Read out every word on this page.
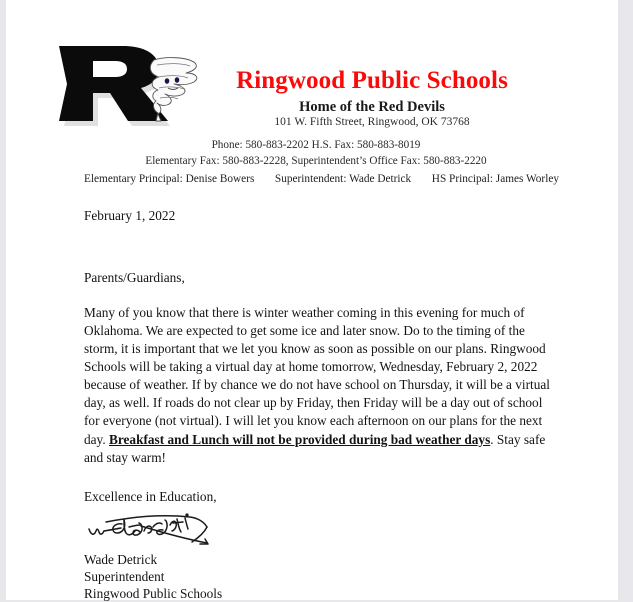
Ringwood Public Schools
Home of the Red Devils
101 W. Fifth Street, Ringwood, OK 73768
Phone: 580-883-2202 H.S. Fax: 580-883-8019
Elementary Fax: 580-883-2228, Superintendent’s Office Fax: 580-883-2220
Elementary Principal: Denise Bowers Superintendent: Wade Detrick HS Principal: James Worley

February 1, 2022

Parents/Guardians,

Many of you know that there is winter weather coming in this evening for much of Oklahoma. We are expected to get some ice and later snow. Do to the timing of the storm, it is important that we let you know as soon as possible on our plans. Ringwood Schools will be taking a virtual day at home tomorrow, Wednesday, February 2, 2022 because of weather. If by chance we do not have school on Thursday, it will be a virtual day, as well. If roads do not clear up by Friday, then Friday will be a day out of school for everyone (not virtual). I will let you know each afternoon on our plans for the next day. Breakfast and Lunch will not be provided during bad weather days. Stay safe and stay warm!

Excellence in Education,

Wade Detrick
Superintendent
Ringwood Public Schools
